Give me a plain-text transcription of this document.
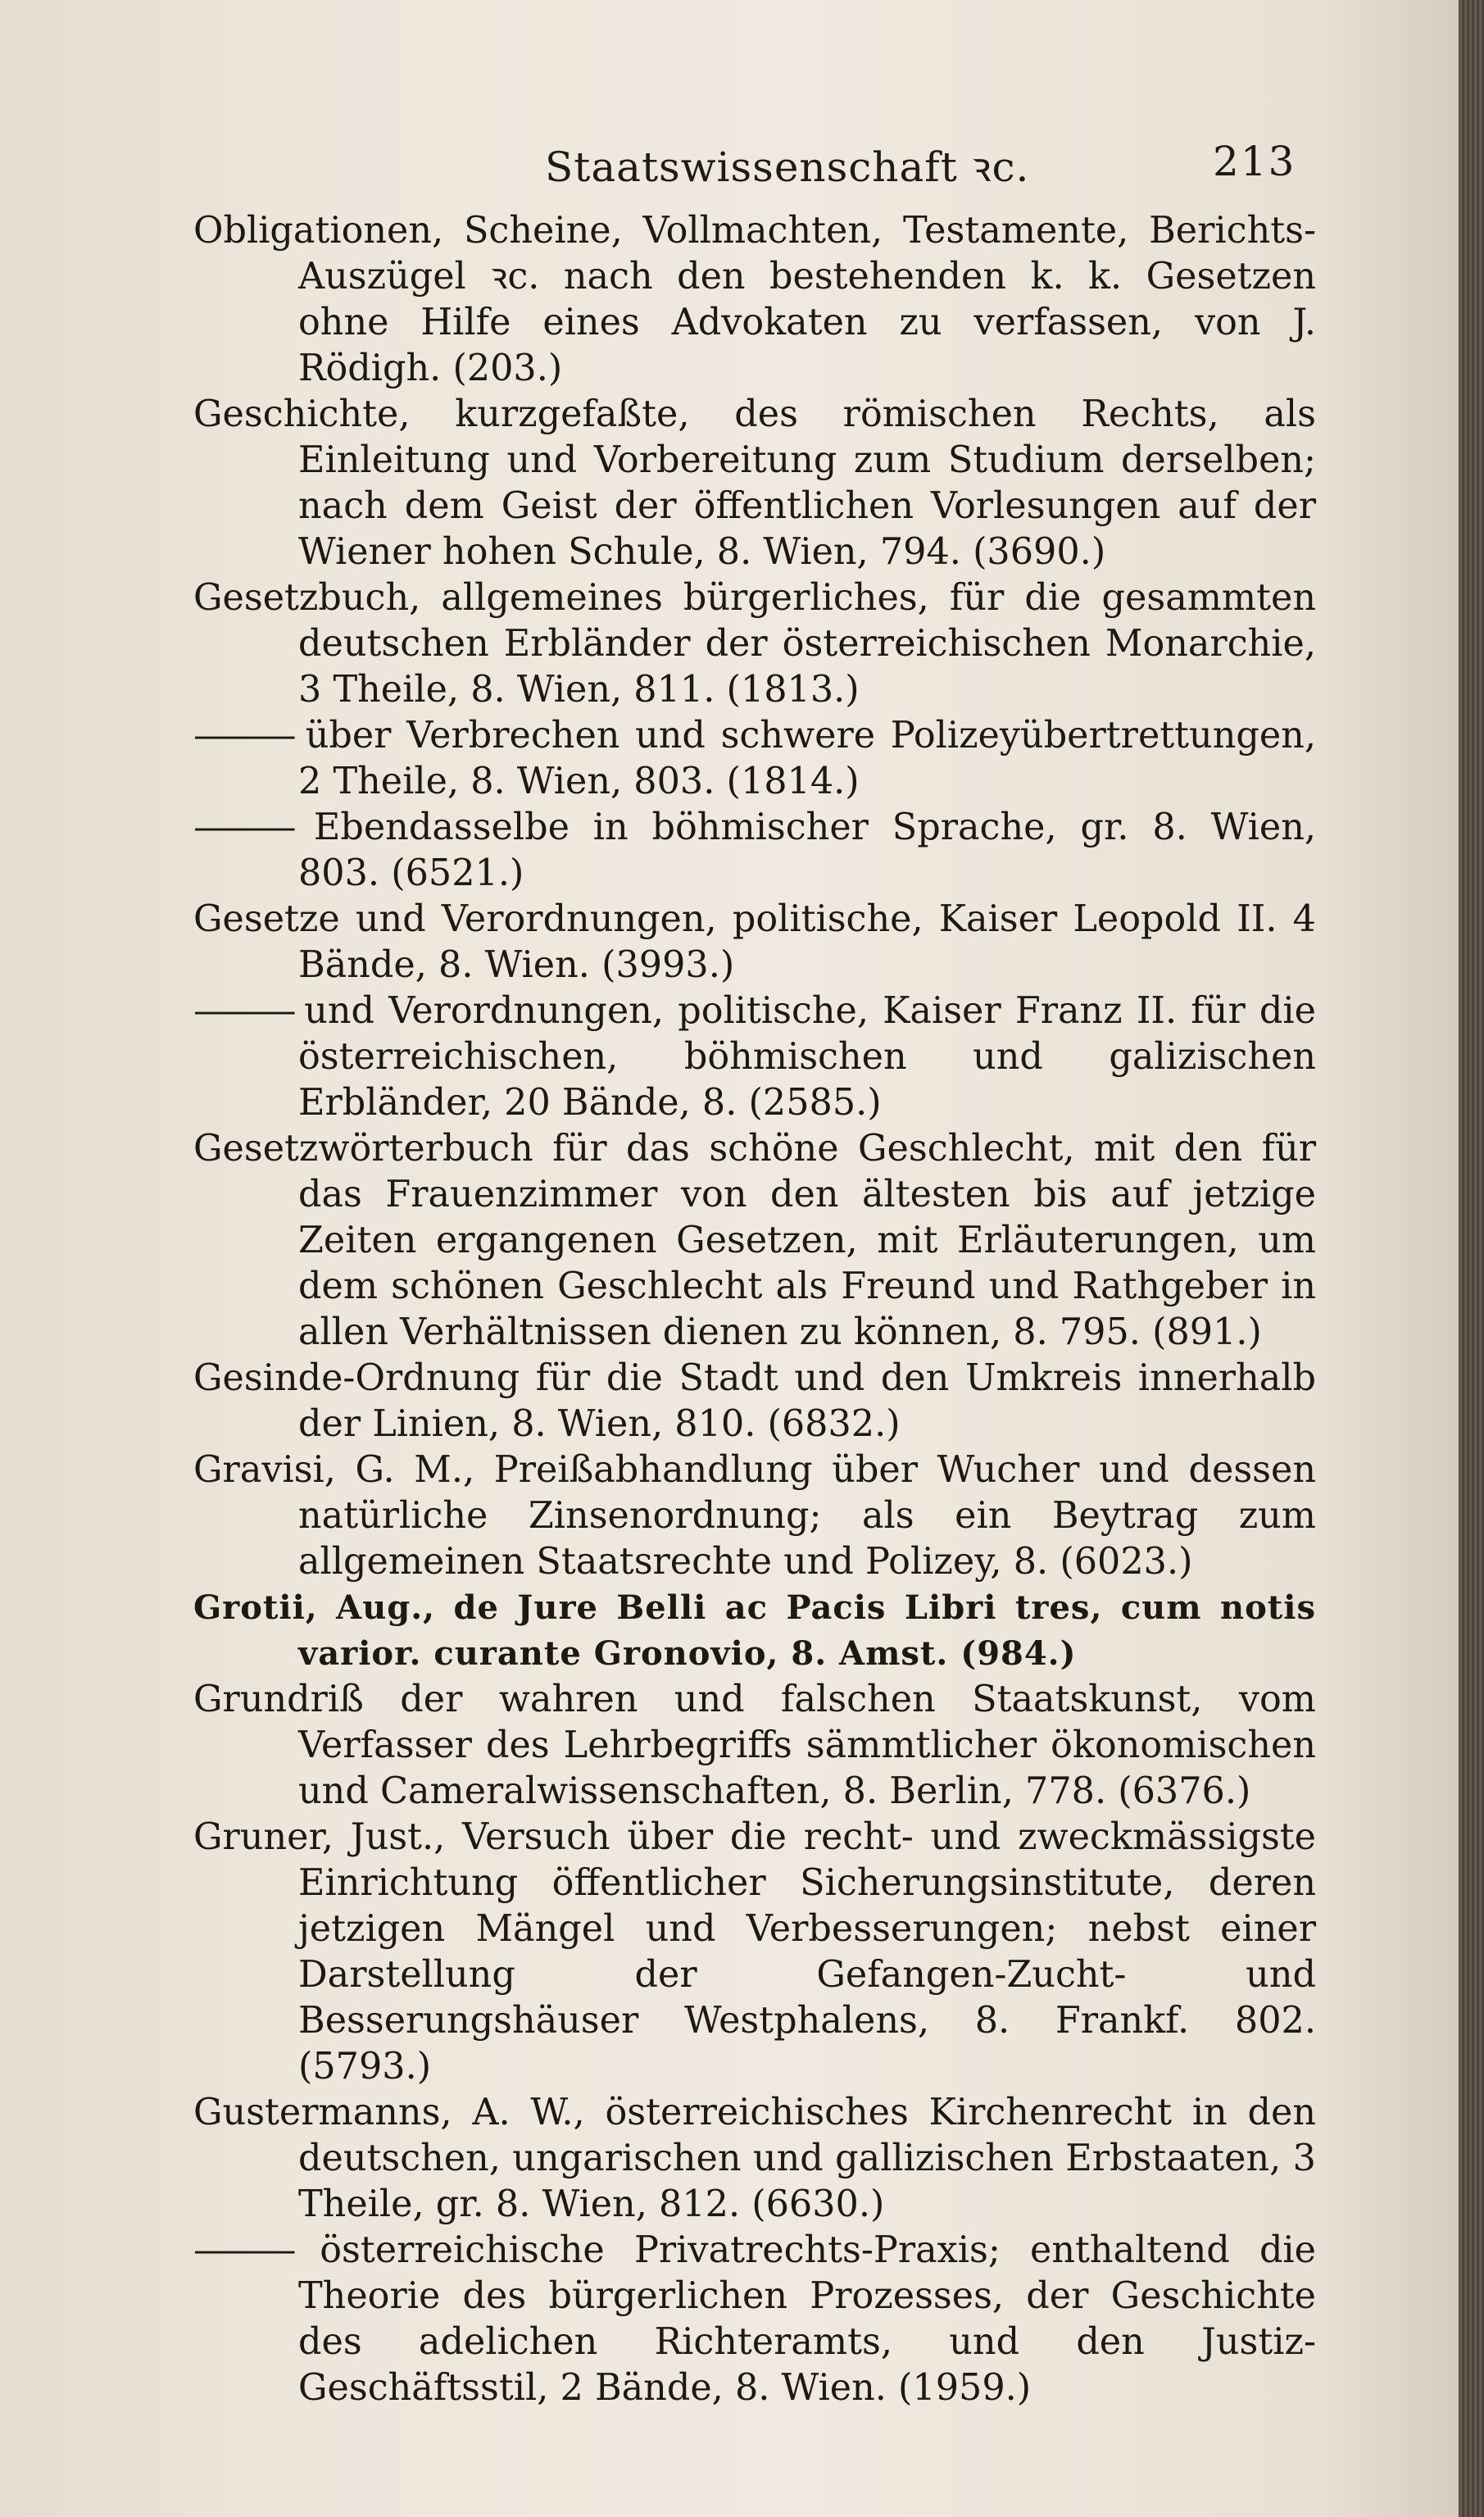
Staatswissenschaft ꝛc.	213

Obligationen, Scheine, Vollmachten, Testamente, Berichts-Auszügel ꝛc. nach den bestehenden k. k. Gesetzen ohne Hilfe eines Advokaten zu verfassen, von J. Rödigh. (203.)

Geschichte, kurzgefaßte, des römischen Rechts, als Einleitung und Vorbereitung zum Studium derselben; nach dem Geist der öffentlichen Vorlesungen auf der Wiener hohen Schule, 8. Wien, 794. (3690.)

Gesetzbuch, allgemeines bürgerliches, für die gesammten deutschen Erbländer der österreichischen Monarchie, 3 Theile, 8. Wien, 811. (1813.)

——— über Verbrechen und schwere Polizeyübertrettungen, 2 Theile, 8. Wien, 803. (1814.)

——— Ebendasselbe in böhmischer Sprache, gr. 8. Wien, 803. (6521.)

Gesetze und Verordnungen, politische, Kaiser Leopold II. 4 Bände, 8. Wien. (3993.)

——— und Verordnungen, politische, Kaiser Franz II. für die österreichischen, böhmischen und galizischen Erbländer, 20 Bände, 8. (2585.)

Gesetzwörterbuch für das schöne Geschlecht, mit den für das Frauenzimmer von den ältesten bis auf jetzige Zeiten ergangenen Gesetzen, mit Erläuterungen, um dem schönen Geschlecht als Freund und Rathgeber in allen Verhältnissen dienen zu können, 8. 795. (891.)

Gesinde-Ordnung für die Stadt und den Umkreis innerhalb der Linien, 8. Wien, 810. (6832.)

Gravisi, G. M., Preißabhandlung über Wucher und dessen natürliche Zinsenordnung; als ein Beytrag zum allgemeinen Staatsrechte und Polizey, 8. (6023.)

Grotii, Aug., de Jure Belli ac Pacis Libri tres, cum notis varior. curante Gronovio, 8. Amst. (984.)

Grundriß der wahren und falschen Staatskunst, vom Verfasser des Lehrbegriffs sämmtlicher ökonomischen und Cameralwissenschaften, 8. Berlin, 778. (6376.)

Gruner, Just., Versuch über die recht- und zweckmässigste Einrichtung öffentlicher Sicherungsinstitute, deren jetzigen Mängel und Verbesserungen; nebst einer Darstellung der Gefangen-Zucht- und Besserungshäuser Westphalens, 8. Frankf. 802. (5793.)

Gustermanns, A. W., österreichisches Kirchenrecht in den deutschen, ungarischen und gallizischen Erbstaaten, 3 Theile, gr. 8. Wien, 812. (6630.)

——— österreichische Privatrechts-Praxis; enthaltend die Theorie des bürgerlichen Prozesses, der Geschichte des adelichen Richteramts, und den Justiz-Geschäftsstil, 2 Bände, 8. Wien. (1959.)
